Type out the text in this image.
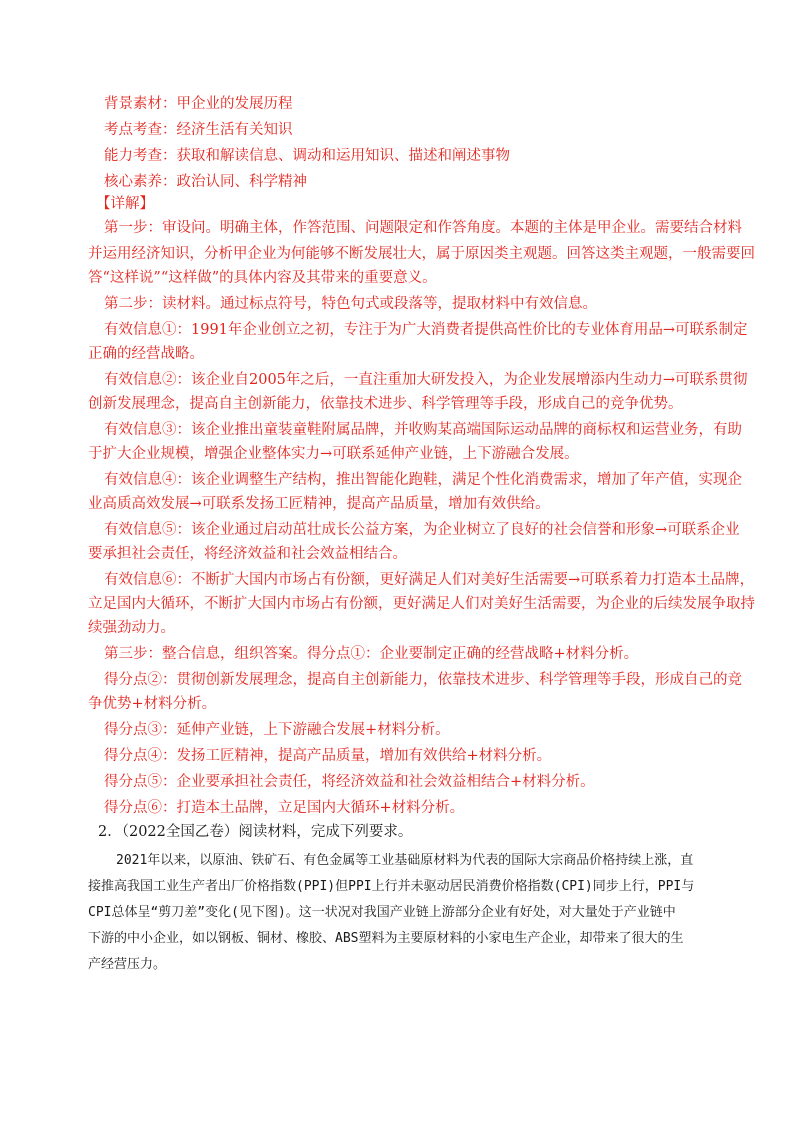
背景素材：甲企业的发展历程
考点考查：经济生活有关知识
能力考查：获取和解读信息、调动和运用知识、描述和阐述事物
核心素养：政治认同、科学精神
【详解】
第一步：审设问。明确主体，作答范围、问题限定和作答角度。本题的主体是甲企业。需要结合材料
并运用经济知识，分析甲企业为何能够不断发展壮大，属于原因类主观题。回答这类主观题，一般需要回
答“这样说”“这样做”的具体内容及其带来的重要意义。
第二步：读材料。通过标点符号，特色句式或段落等，提取材料中有效信息。
有效信息①：1991年企业创立之初，专注于为广大消费者提供高性价比的专业体育用品→可联系制定
正确的经营战略。
有效信息②：该企业自2005年之后，一直注重加大研发投入，为企业发展增添内生动力→可联系贯彻
创新发展理念，提高自主创新能力，依靠技术进步、科学管理等手段，形成自己的竞争优势。
有效信息③：该企业推出童装童鞋附属品牌，并收购某高端国际运动品牌的商标权和运营业务，有助
于扩大企业规模，增强企业整体实力→可联系延伸产业链，上下游融合发展。
有效信息④：该企业调整生产结构，推出智能化跑鞋，满足个性化消费需求，增加了年产值，实现企
业高质高效发展→可联系发扬工匠精神，提高产品质量，增加有效供给。
有效信息⑤：该企业通过启动茁壮成长公益方案，为企业树立了良好的社会信誉和形象→可联系企业
要承担社会责任，将经济效益和社会效益相结合。
有效信息⑥：不断扩大国内市场占有份额，更好满足人们对美好生活需要→可联系着力打造本土品牌，
立足国内大循环，不断扩大国内市场占有份额，更好满足人们对美好生活需要，为企业的后续发展争取持
续强劲动力。
第三步：整合信息，组织答案。得分点①：企业要制定正确的经营战略+材料分析。
得分点②：贯彻创新发展理念，提高自主创新能力，依靠技术进步、科学管理等手段，形成自己的竞
争优势+材料分析。
得分点③：延伸产业链，上下游融合发展+材料分析。
得分点④：发扬工匠精神，提高产品质量，增加有效供给+材料分析。
得分点⑤：企业要承担社会责任，将经济效益和社会效益相结合+材料分析。
得分点⑥：打造本土品牌，立足国内大循环+材料分析。
2．（2022全国乙卷）阅读材料，完成下列要求。
2021年以来，以原油、铁矿石、有色金属等工业基础原材料为代表的国际大宗商品价格持续上涨，直
接推高我国工业生产者出厂价格指数(PPI)但PPI上行并未驱动居民消费价格指数(CPI)同步上行，PPI与
CPI总体呈“剪刀差”变化(见下图)。这一状况对我国产业链上游部分企业有好处，对大量处于产业链中
下游的中小企业，如以钢板、铜材、橡胶、ABS塑料为主要原材料的小家电生产企业，却带来了很大的生
产经营压力。
